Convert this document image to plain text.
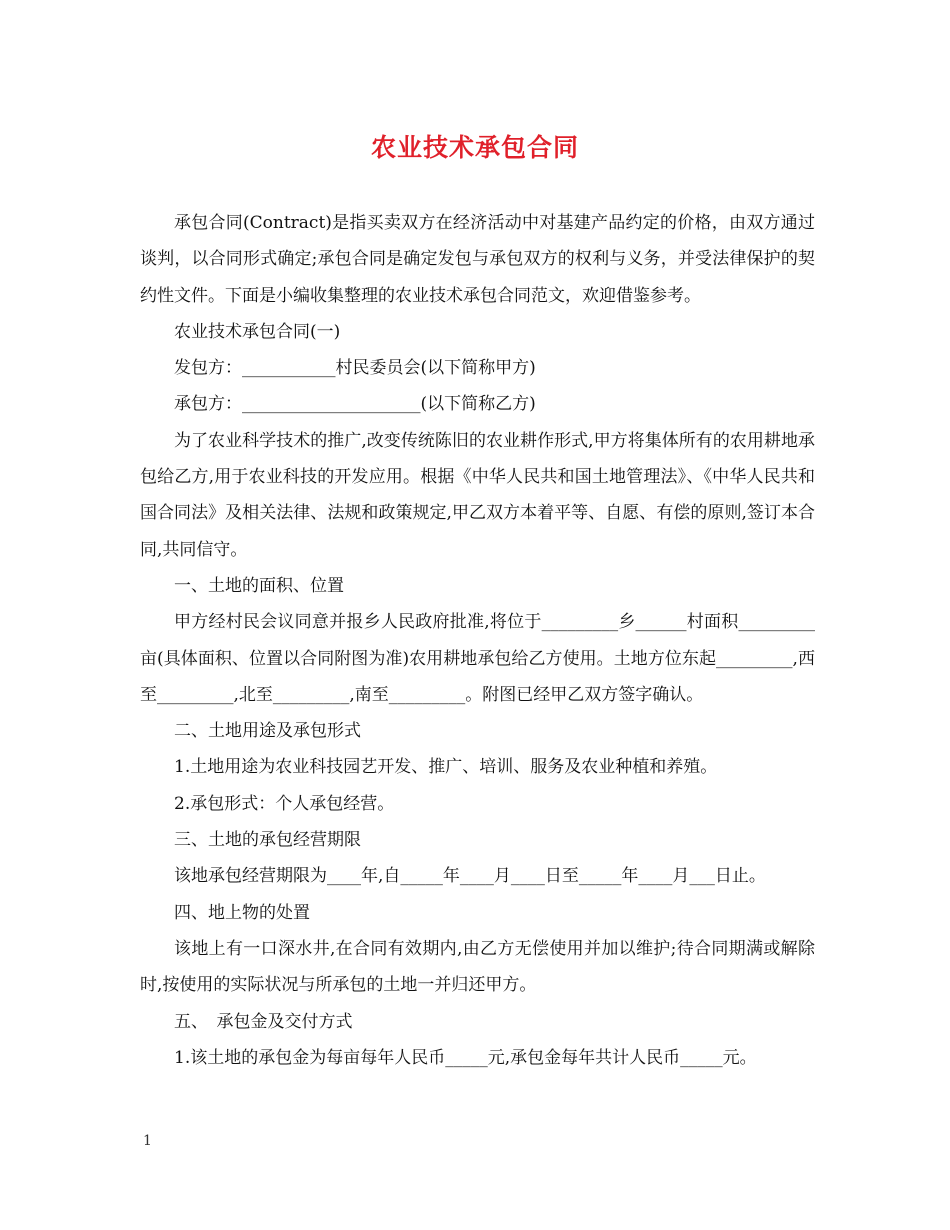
农业技术承包合同

承包合同(Contract)是指买卖双方在经济活动中对基建产品约定的价格，由双方通过谈判，以合同形式确定;承包合同是确定发包与承包双方的权利与义务，并受法律保护的契约性文件。下面是小编收集整理的农业技术承包合同范文，欢迎借鉴参考。

农业技术承包合同(一)

发包方：___________村民委员会(以下简称甲方)

承包方：_____________________(以下简称乙方)

为了农业科学技术的推广,改变传统陈旧的农业耕作形式,甲方将集体所有的农用耕地承包给乙方,用于农业科技的开发应用。根据《中华人民共和国土地管理法》、《中华人民共和国合同法》及相关法律、法规和政策规定,甲乙双方本着平等、自愿、有偿的原则,签订本合同,共同信守。

一、土地的面积、位置

甲方经村民会议同意并报乡人民政府批准,将位于_________乡______村面积_________亩(具体面积、位置以合同附图为准)农用耕地承包给乙方使用。土地方位东起_________,西至_________,北至_________,南至_________。附图已经甲乙双方签字确认。

二、土地用途及承包形式

1.土地用途为农业科技园艺开发、推广、培训、服务及农业种植和养殖。

2.承包形式：个人承包经营。

三、土地的承包经营期限

该地承包经营期限为____年,自_____年____月____日至_____年____月___日止。

四、地上物的处置

该地上有一口深水井,在合同有效期内,由乙方无偿使用并加以维护;待合同期满或解除时,按使用的实际状况与所承包的土地一并归还甲方。

五、　承包金及交付方式

1.该土地的承包金为每亩每年人民币_____元,承包金每年共计人民币_____元。

1
